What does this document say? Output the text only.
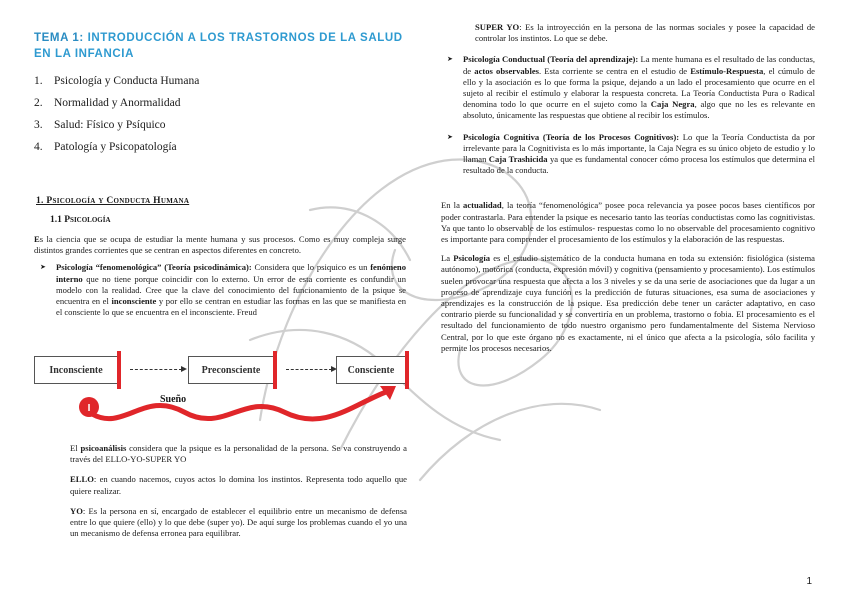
TEMA 1: INTRODUCCIÓN A LOS TRASTORNOS DE LA SALUD EN LA INFANCIA
1. Psicología y Conducta Humana
2. Normalidad y Anormalidad
3. Salud: Físico y Psíquico
4. Patología y Psicopatología
1. Psicología y Conducta Humana
1.1 Psicología

Es la ciencia que se ocupa de estudiar la mente humana y sus procesos. Como es muy compleja surge distintos grandes corrientes que se centran en aspectos diferentes en concreto.

➤ Psicología “fenomenológica” (Teoría psicodinámica): Considera que lo psiquico es un fenómeno interno que no tiene porque coincidir con lo externo. Un error de esta corriente es confundir un modelo con la realidad. Cree que la clave del conocimiento del funcionamiento de la psique se encuentra en el inconsciente y por ello se centran en estudiar las formas en las que se manifiesta en el consciente lo que se encuentra en el inconsciente. Freud
Inconsciente	Preconsciente	Consciente
I
Sueño

El psicoanálisis considera que la psique es la personalidad de la persona. Se va construyendo a través del ELLO-YO-SUPER YO

ELLO: en cuando nacemos, cuyos actos lo domina los instintos. Representa todo aquello que quiere realizar.

YO: Es la persona en sí, encargado de establecer el equilibrio entre un mecanismo de defensa entre lo que quiere (ello) y lo que debe (super yo). De aquí surge los problemas cuando el yo una un mecanismo de defensa erronea para equilibrar.

SUPER YO: Es la introyección en la persona de las normas sociales y posee la capacidad de controlar los instintos. Lo que se debe.

➤ Psicología Conductual (Teoría del aprendizaje): La mente humana es el resultado de las conductas, de actos observables. Esta corriente se centra en el estudio de Estímulo-Respuesta, el cúmulo de ello y la asociación es lo que forma la psique, dejando a un lado el procesamiento que ocurre en el sujeto al recibir el estímulo y elaborar la respuesta concreta. La Teoría Conductista Pura o Radical denomina todo lo que ocurre en el sujeto como la Caja Negra, algo que no les es relevante en absoluto, únicamente las respuestas que obtiene al recibir los estímulos.
➤ Psicología Cognitiva (Teoría de los Procesos Cognitivos): Lo que la Teoría Conductista da por irrelevante para la Cognitivista es lo más importante, la Caja Negra es su único objeto de estudio y lo llaman Caja Trashicida ya que es fundamental conocer cómo procesa los estímulos que determina el resultado de la conducta.

En la actualidad, la teoría “fenomenológica” posee poca relevancia ya posee pocos bases científicos por poder contrastarla. Para entender la psique es necesario tanto las teorías conductistas como las cognitivistas. Ya que tanto lo observable de los estímulos- respuestas como lo no observable del procesamiento cognitivo es importante para comprender el procesamiento de los estímulos y la elaboración de las respuestas.

La Psicología es el estudio sistemático de la conducta humana en toda su extensión: fisiológica (sistema autónomo), motórica (conducta, expresión móvil) y cognitiva (pensamiento y procesamiento). Los estímulos suelen provocar una respuesta que afecta a los 3 niveles y se da una serie de asociaciones que da lugar a un proceso de aprendizaje cuya función es la predicción de futuras situaciones, esa suma de asociaciones y aprendizajes es la construcción de la psique. Esa predicción debe tener un carácter adaptativo, en caso contrario pierde su funcionalidad y se convertiría en un problema, trastorno o fobia. El procesamiento es el resultado del funcionamiento de todo nuestro organismo pero fundamentalmente del Sistema Nervioso Central, por lo que este órgano no es exactamente, ni el único que afecta a la psicología, sólo facilita y permite los procesos necesarios.

1
